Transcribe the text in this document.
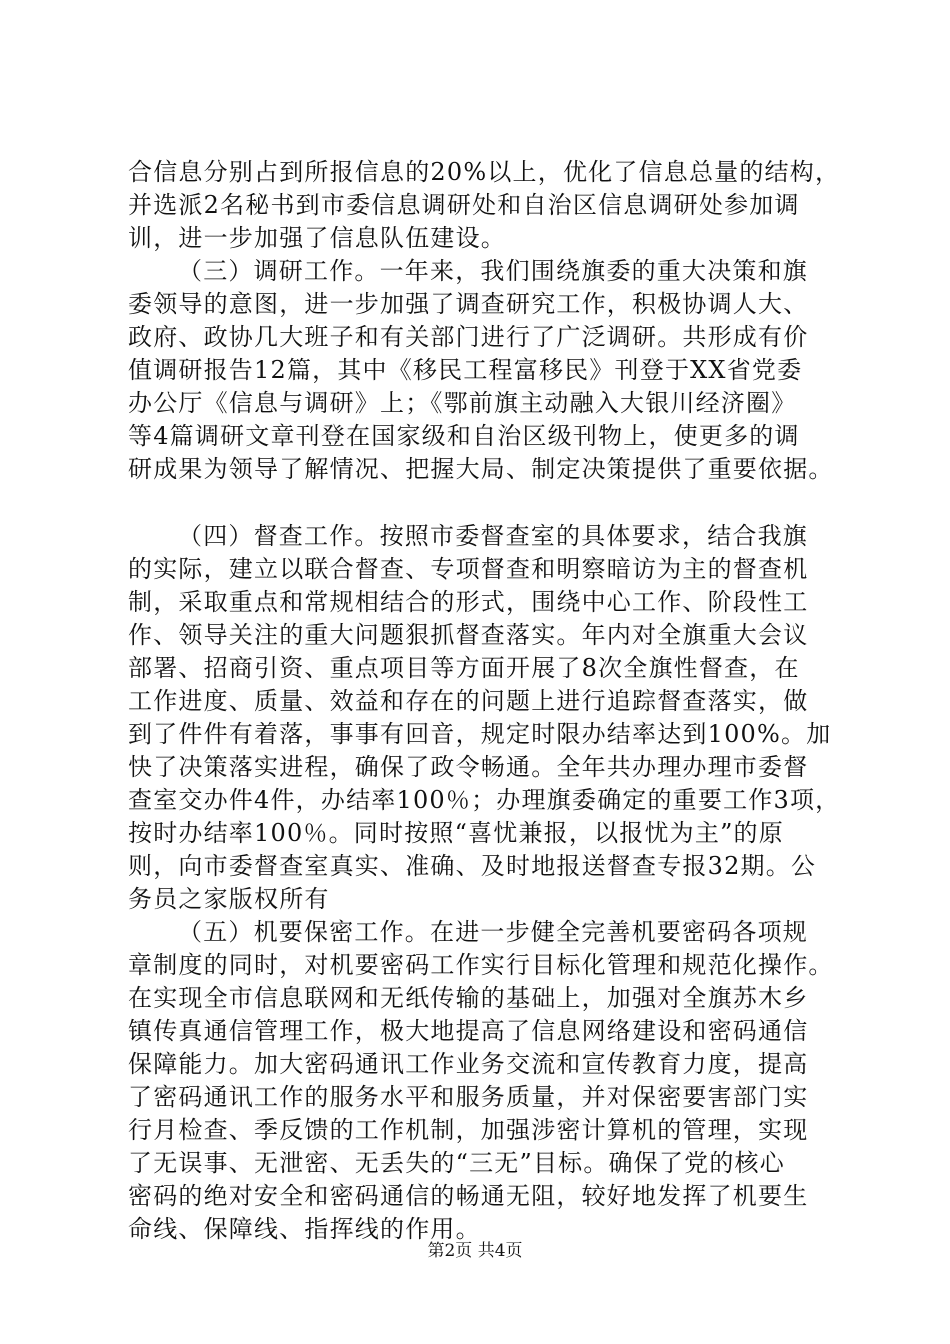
合信息分别占到所报信息的20%以上，优化了信息总量的结构，
并选派2名秘书到市委信息调研处和自治区信息调研处参加调
训，进一步加强了信息队伍建设。
（三）调研工作。一年来，我们围绕旗委的重大决策和旗
委领导的意图，进一步加强了调查研究工作，积极协调人大、
政府、政协几大班子和有关部门进行了广泛调研。共形成有价
值调研报告12篇，其中《移民工程富移民》刊登于XX省党委
办公厅《信息与调研》上；《鄂前旗主动融入大银川经济圈》
等4篇调研文章刊登在国家级和自治区级刊物上，使更多的调
研成果为领导了解情况、把握大局、制定决策提供了重要依据。
（四）督查工作。按照市委督查室的具体要求，结合我旗
的实际，建立以联合督查、专项督查和明察暗访为主的督查机
制，采取重点和常规相结合的形式，围绕中心工作、阶段性工
作、领导关注的重大问题狠抓督查落实。年内对全旗重大会议
部署、招商引资、重点项目等方面开展了8次全旗性督查，在
工作进度、质量、效益和存在的问题上进行追踪督查落实，做
到了件件有着落，事事有回音，规定时限办结率达到100%。加
快了决策落实进程，确保了政令畅通。全年共办理办理市委督
查室交办件4件，办结率100％；办理旗委确定的重要工作3项，
按时办结率100％。同时按照“喜忧兼报，以报忧为主”的原
则，向市委督查室真实、准确、及时地报送督查专报32期。公
务员之家版权所有
（五）机要保密工作。在进一步健全完善机要密码各项规
章制度的同时，对机要密码工作实行目标化管理和规范化操作。
在实现全市信息联网和无纸传输的基础上，加强对全旗苏木乡
镇传真通信管理工作，极大地提高了信息网络建设和密码通信
保障能力。加大密码通讯工作业务交流和宣传教育力度，提高
了密码通讯工作的服务水平和服务质量，并对保密要害部门实
行月检查、季反馈的工作机制，加强涉密计算机的管理，实现
了无误事、无泄密、无丢失的“三无”目标。确保了党的核心
密码的绝对安全和密码通信的畅通无阻，较好地发挥了机要生
命线、保障线、指挥线的作用。
第2页 共4页
